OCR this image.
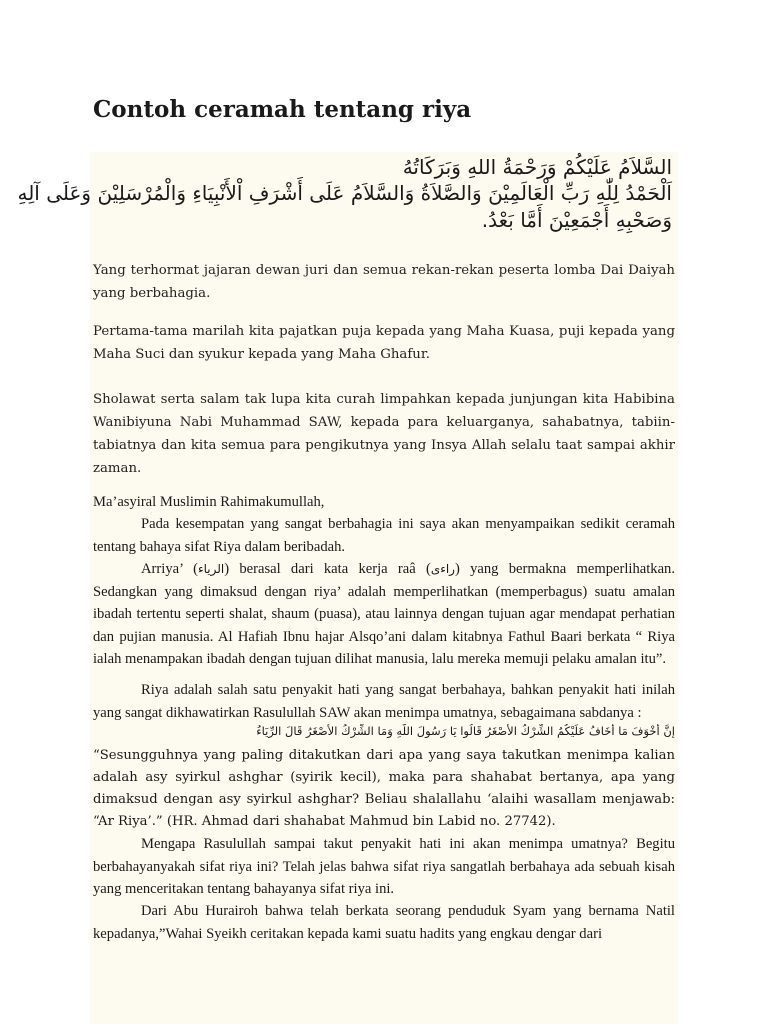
Contoh ceramah tentang riya

السَّلاَمُ عَلَيْكُمْ وَرَحْمَةُ اللهِ وَبَرَكَاتُهُ

اَلْحَمْدُ لِلّٰهِ رَبِّ الْعَالَمِيْنَ وَالصَّلاَةُ وَالسَّلاَمُ عَلَى أَشْرَفِ اْلأَنْبِيَاءِ وَالْمُرْسَلِيْنَ وَعَلَى آلِهِ

وَصَحْبِهِ أَجْمَعِيْنَ أَمَّا بَعْدُ.

Yang terhormat jajaran dewan juri dan semua rekan-rekan peserta lomba Dai Daiyah yang berbahagia.

Pertama-tama marilah kita pajatkan puja kepada yang Maha Kuasa, puji kepada yang Maha Suci dan syukur kepada yang Maha Ghafur.

Sholawat serta salam tak lupa kita curah limpahkan kepada junjungan kita Habibina Wanibiyuna Nabi Muhammad SAW, kepada para keluarganya, sahabatnya, tabiin-tabiatnya dan kita semua para pengikutnya yang Insya Allah selalu taat sampai akhir zaman.

Ma’asyiral Muslimin Rahimakumullah,

Pada kesempatan yang sangat berbahagia ini saya akan menyampaikan sedikit ceramah tentang bahaya sifat Riya dalam beribadah.

Arriya’ (الرياء) berasal dari kata kerja raâ (راءى) yang bermakna memperlihatkan. Sedangkan yang dimaksud dengan riya’ adalah memperlihatkan (memperbagus) suatu amalan ibadah tertentu seperti shalat, shaum (puasa), atau lainnya dengan tujuan agar mendapat perhatian dan pujian manusia. Al Hafiah Ibnu hajar Alsqo’ani dalam kitabnya Fathul Baari berkata “ Riya ialah menampakan ibadah dengan tujuan dilihat manusia, lalu mereka memuji pelaku amalan itu”.

Riya adalah salah satu penyakit hati yang sangat berbahaya, bahkan penyakit hati inilah yang sangat dikhawatirkan Rasulullah SAW akan menimpa umatnya, sebagaimana sabdanya :

إِنَّ أَخْوَفَ مَا أَخَافُ عَلَيْكُمُ الشِّرْكُ الأَصْغَرُ قَالُوا يَا رَسُولَ اللَّهِ وَمَا الشِّرْكُ الأَصْغَرُ قَالَ الرِّيَاءُ

“Sesungguhnya yang paling ditakutkan dari apa yang saya takutkan menimpa kalian adalah asy syirkul ashghar (syirik kecil), maka para shahabat bertanya, apa yang dimaksud dengan asy syirkul ashghar? Beliau shalallahu ‘alaihi wasallam menjawab: “Ar Riya’.” (HR. Ahmad dari shahabat Mahmud bin Labid no. 27742).

Mengapa Rasulullah sampai takut penyakit hati ini akan menimpa umatnya? Begitu berbahayanyakah sifat riya ini? Telah jelas bahwa sifat riya sangatlah berbahaya ada sebuah kisah yang menceritakan tentang bahayanya sifat riya ini.

Dari Abu Hurairoh bahwa telah berkata seorang penduduk Syam yang bernama Natil kepadanya,”Wahai Syeikh ceritakan kepada kami suatu hadits yang engkau dengar dari
